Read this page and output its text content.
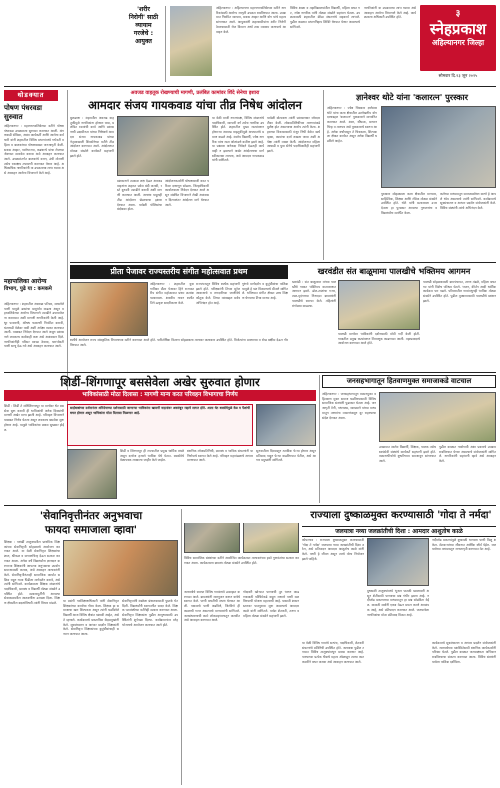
'शरीर
निरोगी' साठी
व्यायाम
गरजेचे :
आयुक्त
अहिल्यानगर : अहिल्यानगर महानगरपालिकेच्या वतीने नागरिकांसाठी आरोग्य जागृती उपक्रम राबविण्यात आला. उपक्रमात नियमित व्यायाम, सकस आहार आणि योग यांचे महत्त्व सांगण्यात आले. आयुक्तांनी शहरवासीयांना शरीर निरोगी ठेवण्यासाठी रोज किमान अर्धा तास व्यायाम करण्याचे आवाहन केले.
विविध शाळा व महाविद्यालयांतील विद्यार्थी, महिला बचत गट, ज्येष्ठ नागरिक यांनी मोठ्या संख्येने सहभाग घेतला. उपक्रमासाठी शहरातील क्रीडा संघटनांचे सहकार्य लाभले. पुढील काळात प्रभागनिहाय शिबिरे घेण्यात येणार असल्याचे सांगितले.
नागरिकांनी या उपक्रमाचा लाभ घ्यावा असे आवाहन आरोग्य विभागाने केले आहे. कार्यक्रमाला अधिकारी उपस्थित होते.	३
स्नेहप्रकाश
अहिल्यानगर जिल्हा
सोमवार दि.२३ जून २०२५
थोडक्यात
पोषण पंधरवडा
सुरुवात
अहिल्यानगर : महानगरपालिकेच्या वतीने पोषण पंधरवडा उपक्रमाला सुरुवात करण्यात आली. अंगणवाडी सेविका, आशा कार्यकर्ती आणि आरोग्य कर्मचारी यांनी शहरातील विविध प्रभागांमध्ये गर्भवती महिला व बालकांच्या पोषणाबाबत जनजागृती केली. सकस आहार, पालेभाज्या, कडधान्ये यांचा रोजच्या जेवणात समावेश करावा असे आवाहन करण्यात आले. उपक्रमांतर्गत बालकांचे वजन, उंची मोजणी तसेच रक्तक्षय तपासणी करण्यात येणार आहे. अधिकाधिक नागरिकांनी या उपक्रमाचा लाभ घ्यावा असे आवाहन आरोग्य विभागाने केले आहे.
महापालिका आरोग्य
विभाग, पुढे या : कमकमे
अहिल्यानगर : शहरातील अस्वच्छ परिसर, साचलेले पाणी यामुळे डासांचा प्रादुर्भाव वाढला असून महापालिकेच्या आरोग्य विभागाने तातडीने उपाययोजना कराव्यात अशी मागणी नागरिकांनी केली आहे. धूर फवारणी, औषध फवारणी नियमित करावी, घंटागाडी वेळेवर यावी अशी अपेक्षा व्यक्त करण्यात आली. याबाबत निवेदन देण्यात आले असून प्रशासनाने लवकरच कार्यवाही करू असे आश्वासन दिले. नागरिकांनीही परिसर स्वच्छ ठेवावा, घराभोवती पाणी साचू देऊ नये असे आवाहन करण्यात आले.
अवजड वाहतूक रोखण्याची मागणी, प्रलंबित कामांवर शिंदे सेनेचा इशारा
आमदार संजय गायकवाड यांचा तीव्र निषेध आंदोलन
बुलढाणा : शहरातील अवजड वाहतुकीमुळे नागरिकांना होणारा त्रास, प्रलंबित रस्त्यांची कामे आणि प्रशासनाची उदासीनता यांच्या निषेधार्थ आमदार संजय गायकवाड यांच्या नेतृत्वाखाली शिवसेनेच्या वतीने तीव्र आंदोलन करण्यात आले. आंदोलनात मोठ्या संख्येने कार्यकर्ते सहभागी झाले होते.
प्रशासनाने तत्काळ लक्ष देऊन अवजड वाहनांना शहरात प्रवेश बंदी करावी, रस्ते दुरुस्ती तातडीने करावी अशी मागणी करण्यात आली. अन्यथा याहूनही तीव्र आंदोलन छेडण्याचा इशारा देण्यात आला. यावेळी पोलिसांचा बंदोबस्त होता.
आंदोलनकर्त्यांनी घोषणाबाजी करत परिसर दणाणून सोडला. जिल्हाधिकारी कार्यालयाला निवेदन देण्यात आले असून संबंधित विभागाने लेखी आश्वासन दिल्यानंतर आंदोलन मागे घेण्यात आले.
या वेळी माजी नगराध्यक्ष, विविध संघटनांचे पदाधिकारी, व्यापारी वर्ग तसेच नागरिक उपस्थित होते. शहरातील मुख्य रस्त्यांवरून होणाऱ्या अवजड वाहतुकीमुळे अपघातांचे प्रमाण वाढले आहे. शालेय विद्यार्थी, ज्येष्ठ नागरिक यांना रस्ता ओलांडणे कठीण झाले आहे. या प्रश्नावर अनेकदा निवेदने देऊनही कार्यवाही न झाल्याने अखेर आंदोलनाचा मार्ग स्वीकारावा लागला, असे आमदार गायकवाड यांनी सांगितले.
यावेळी बोलताना त्यांनी प्रशासनावर जोरदार टीका केली. लोकप्रतिनिधींच्या मागण्यांकडे दुर्लक्ष होत असल्याचा आरोप त्यांनी केला. शहराच्या विकासासाठी मंजूर निधी वेळेत खर्च व्हावा, कामांचा दर्जा राखला जावा अशी अपेक्षा त्यांनी व्यक्त केली. आंदोलनात महिला आघाडी व युवा सेनेचे पदाधिकारीही सहभागी झाले.
ज्ञानेश्वर थोटे यांना 'कलारत्न' पुरस्कार
अहिल्यानगर : ज्येष्ठ चित्रकार ज्ञानेश्वर थोटे यांना कला क्षेत्रातील उल्लेखनीय योगदानाबद्दल 'कलारत्न' पुरस्काराने सन्मानित करण्यात आले. शाल, श्रीफळ, सन्मानचिन्ह व मानपत्र असे पुरस्काराचे स्वरूप आहे. अनेक वर्षांपासून ते चित्रकला, शिल्पकला क्षेत्रात कार्यरत असून अनेक विद्यार्थी घडविले आहेत.
पुरस्कार सोहळ्याला कला क्षेत्रातील मान्यवर, साहित्यिक, शिक्षक आणि रसिक मोठ्या संख्येने उपस्थित होते. थोटे यांनी सत्काराला उत्तर देताना हा पुरस्कार आपल्या गुरुजनांना व विद्यार्थ्यांना समर्पित केला.
कलेच्या माध्यमातून समाजप्रबोधन करणे हे आपले ध्येय असल्याचे त्यांनी सांगितले. कार्यक्रमाचे सूत्रसंचालन व आभार प्रदर्शन संयोजकांनी केले. विविध संस्थांनी त्यांचे अभिनंदन केले.
प्रीता पेजावर राज्यस्तरीय संगीत महोत्सवात प्रथम
अहिल्यानगर : शहरातील युवा गायिका प्रीता पेजावर हिने राज्यस्तरीय संगीत महोत्सवात प्रथम क्रमांक पटकावला. शास्त्रीय गायन स्पर्धेत तिने उत्कृष्ट सादरीकरण केले.
राज्यभरातून विविध स्पर्धक सहभागी झाले होते. परीक्षकांनी तिच्या सुरेल आवाजाचे व रागदारीच्या जाणीवेचे कौतुक केले. तिच्या यशाबद्दल सर्वत्र अभिनंदन होत आहे.
गुरूंचे मार्गदर्शन व कुटुंबीयांचा पाठिंबा यामुळे हे यश मिळाल्याचे प्रीताने सांगितले. भविष्यात संगीत क्षेत्रात उच्च शिक्षण घेण्याचा तिचा मानस आहे.
स्पर्धेचे आयोजन राज्य सांस्कृतिक विभागाच्या वतीने करण्यात आले होते. पारितोषिक वितरण सोहळ्याला मान्यवर कलाकार उपस्थित होते. विजेत्यांना प्रमाणपत्र व रोख बक्षीस देऊन गौरविण्यात आले.
खरवंडीत संत बाळूमामा पालखीचे भक्तिमय आगमन
खरवंडी : संत बाळूमामा यांच्या पालखीचे गावात भक्तिमय वातावरणात आगमन झाले. ढोल-ताशांचा गजर, टाळ-मृदंगाच्या निनादात ग्रामस्थांनी पालखीचे स्वागत केले. महिलांनी रांगोळ्या काढल्या.
पालखी मार्गावर भाविकांनी दर्शनासाठी मोठी गर्दी केली होती. गावातील प्रमुख रस्त्यांवरून मिरवणूक काढण्यात आली. महाप्रसादाचे आयोजन करण्यात आले होते.
पालखी सोहळ्यासाठी ग्रामपंचायत, तरुण मंडळे, महिला बचत गट यांनी विशेष परिश्रम घेतले. भजन, कीर्तन आदी धार्मिक कार्यक्रम पार पडले. परिसरातील गावांमधूनही भाविक मोठ्या संख्येने उपस्थित होते. पुढील मुक्कामासाठी पालखीचे प्रस्थान झाले.
शिर्डी–शिंगणापूर बससेवेला अखेर सुरुवात होणार
भाविकांसाठी मोठा दिलासा : मागणी मान्य करत परिवहन विभागाचा निर्णय
शिर्डी : शिर्डी ते शनिशिंगणापूर या मार्गावर थेट बससेवा सुरू करावी ही भाविकांची अनेक दिवसांची मागणी अखेर मान्य झाली आहे. परिवहन विभागाने याबाबत निर्णय घेतला असून लवकरच बससेवा सुरू होणार आहे. यामुळे भाविकांचा प्रवास सुखकर होईल.
साईबाबांच्या दर्शनानंतर शनिदेवाच्या दर्शनासाठी जाणाऱ्या भाविकांना खासगी वाहनांवर अवलंबून राहावे लागत होते. आता थेट बससेवेमुळे वेळ व पैशांची बचत होणार असून भाविकांना मोठा दिलासा मिळणार आहे.
शिर्डी व शिंगणापूर ही राज्यातील प्रमुख धार्मिक स्थळे असून दररोज हजारो भाविक येथे येतात. बससेवेचे वेळापत्रक लवकरच जाहीर केले जाईल.
स्थानिक लोकप्रतिनिधी, ग्रामस्थ व भाविक संघटनांनी या निर्णयाचे स्वागत केले आहे. परिवहन महामंडळाचे आभार मानण्यात आले.
सुरुवातीला दिवसातून ठराविक फेऱ्या होणार असून प्रतिसाद पाहून फेऱ्या वाढविण्यात येतील, असे आगार प्रमुखांनी सांगितले.
जनसहभागातून हितवाणमुक्त समाजाकडे वाटचाल
अहिल्यानगर : जनसहभागातून व्यसनमुक्त व हितवाण मुक्त समाज घडविण्यासाठी विविध सामाजिक संस्थांनी पुढाकार घेतला आहे. जनजागृती रॅली, पथनाट्य, व्याख्याने यांच्या माध्यमातून तरुणांना व्यसनांपासून दूर राहण्याचा संदेश देण्यात आला.
उपक्रमात शालेय विद्यार्थी, शिक्षक, पालक तसेच स्वयंसेवी संस्थांचे कार्यकर्ते सहभागी झाले होते. व्यसनाधीनतेचे दुष्परिणाम समजावून सांगण्यात आले.
पुढील काळात गावोगावी अशा प्रकारचे उपक्रम राबविण्यात येणार असल्याचे संयोजकांनी सांगितले. नागरिकांनी सहभागी व्हावे असे आवाहन केले.
'सेवानिवृत्तीनंतर अनुभवाचा
फायदा समाजाला व्हावा'
शिक्षक : पाथर्डी तालुक्यातील प्राथमिक शिक्षकांच्या सेवानिवृत्ती सोहळ्याचे आयोजन करण्यात आले. या वेळी सेवानिवृत्त शिक्षकांचा शाल, श्रीफळ व सन्मानचिन्ह देऊन सत्कार करण्यात आला. अनेक वर्षे विद्यार्थ्यांना ज्ञानदान करणाऱ्या शिक्षकांनी आपल्या अनुभवाचा उपयोग समाजासाठी करावा, असे आवाहन मान्यवरांनी केले. सेवानिवृत्तीनंतरही सामाजिक कार्यात सक्रिय राहून नव्या पिढीला मार्गदर्शन करावे, असे त्यांनी सांगितले. कार्यक्रमाला शिक्षक संघटनांचे पदाधिकारी, ग्रामस्थ व विद्यार्थी मोठ्या संख्येने उपस्थित होते. सत्कारमूर्तींनी आपल्या सेवाकाळातील आठवणींना उजाळा दिला. शिक्षण क्षेत्रातील बदलांविषयी त्यांनी विचार मांडले.
या प्रसंगी गटशिक्षणाधिकारी यांनी सेवानिवृत्त शिक्षकांच्या कार्याचा गौरव केला. शिक्षक हा समाजाचा खरा शिल्पकार असून त्यांनी घडविलेले विद्यार्थी आज विविध क्षेत्रांत यशस्वी आहेत, असे ते म्हणाले. कार्यक्रमाचे प्रास्ताविक केंद्रप्रमुखांनी केले. सूत्रसंचालन व आभार प्रदर्शन शिक्षकांनी केले. सेवानिवृत्त शिक्षकांच्या कुटुंबीयांचाही सन्मान करण्यात आला.
सेवानिवृत्तांनी शाळेला ग्रंथालयासाठी पुस्तके भेट दिली. विद्यार्थ्यांनी स्वागतगीत सादर केले. शिक्षक पतसंस्थेच्या वतीनेही सत्कार करण्यात आला. सेवानिवृत्त शिक्षकांना पुढील आयुष्यासाठी उपस्थितांनी शुभेच्छा दिल्या. कार्यक्रमानंतर स्नेहभोजनाचे आयोजन करण्यात आले होते.
विविध सामाजिक संस्थांच्या वतीने आयोजित कार्यक्रमात मान्यवरांच्या हस्ते गुणवंतांचा सत्कार करण्यात आला. कार्यक्रमाला ग्रामस्थ मोठ्या संख्येने उपस्थित होते.
राज्याला दुष्काळमुक्त करण्यासाठी 'गोदा ते नर्मदा'
जलयात्रा नव्या जलक्रांतीची दिशा : आमदार आशुतोष काळे
कोपरगाव : राज्याला दुष्काळमुक्त करण्यासाठी 'गोदा ते नर्मदा' जलयात्रा नव्या जलक्रांतीची दिशा ठरेल, असे प्रतिपादन आमदार आशुतोष काळे यांनी केले. पाणी हे जीवन असून त्याचे योग्य नियोजन झाले पाहिजे.
नदीजोड प्रकल्पांमुळे दुष्काळी भागाला पाणी मिळू शकेल. शेतकऱ्यांच्या जीवनात आर्थिक स्थैर्य येईल. जलयात्रेच्या माध्यमातून जनजागृती करण्यात येत आहे.
जलयात्रेचे स्वागत विविध गावांमध्ये उत्साहात करण्यात आले. ग्रामस्थांनी जलपूजन करून यात्रेचे स्वागत केले. पाणी बचतीची शपथ घेण्यात आली. पावसाचे पाणी अडविणे, जिरविणे ही काळाची गरज असल्याचे मान्यवरांनी सांगितले. जलसंधारणाची कामे लोकसहभागातून करावीत असे आवाहन करण्यात आले.
गोदावरी खोऱ्यात पाण्याची तूट भरून काढण्यासाठी पश्चिमेकडे वाहून जाणारे पाणी वळविण्याची योजना महत्त्वाची आहे. यासाठी शासनस्तरावर पाठपुरावा सुरू असल्याचे आमदार काळे यांनी सांगितले. यात्रेत शेतकरी, तरुण व महिला मोठ्या संख्येने सहभागी झाले.
या वेळी विविध गावांचे सरपंच, पदाधिकारी, शेतकरी संघटनांचे प्रतिनिधी उपस्थित होते. जलयात्रा पुढील टप्प्यात विविध तालुक्यांमधून प्रवास करणार आहे. पाण्याच्या प्रत्येक थेंबाचे महत्त्व ओळखून त्याचा काटकसरीने वापर करावा असे आवाहन करण्यात आले.
दुष्काळी तालुक्यांमध्ये भूजल पातळी खालावली असून शेतीसाठी पाण्याचा प्रश्न गंभीर झाला आहे. नदीजोड प्रकल्पाच्या माध्यमातून हा प्रश्न सोडविता येईल. यासाठी सर्वांनी एकत्र येऊन प्रयत्न करणे आवश्यक आहे, असे प्रतिपादन करण्यात आले. जलयात्रेला नागरिकांचा मोठा प्रतिसाद मिळत आहे.
कार्यक्रमाचे सूत्रसंचालन व आभार प्रदर्शन संयोजकांनी केले. जलयात्रेच्या यशस्वितेसाठी स्थानिक कार्यकर्त्यांनी परिश्रम घेतले. पुढील काळात जलसाक्षरता अभियान राबविण्याचा संकल्प करण्यात आला. विविध संस्थांनी यात्रेला पाठिंबा दर्शविला.
